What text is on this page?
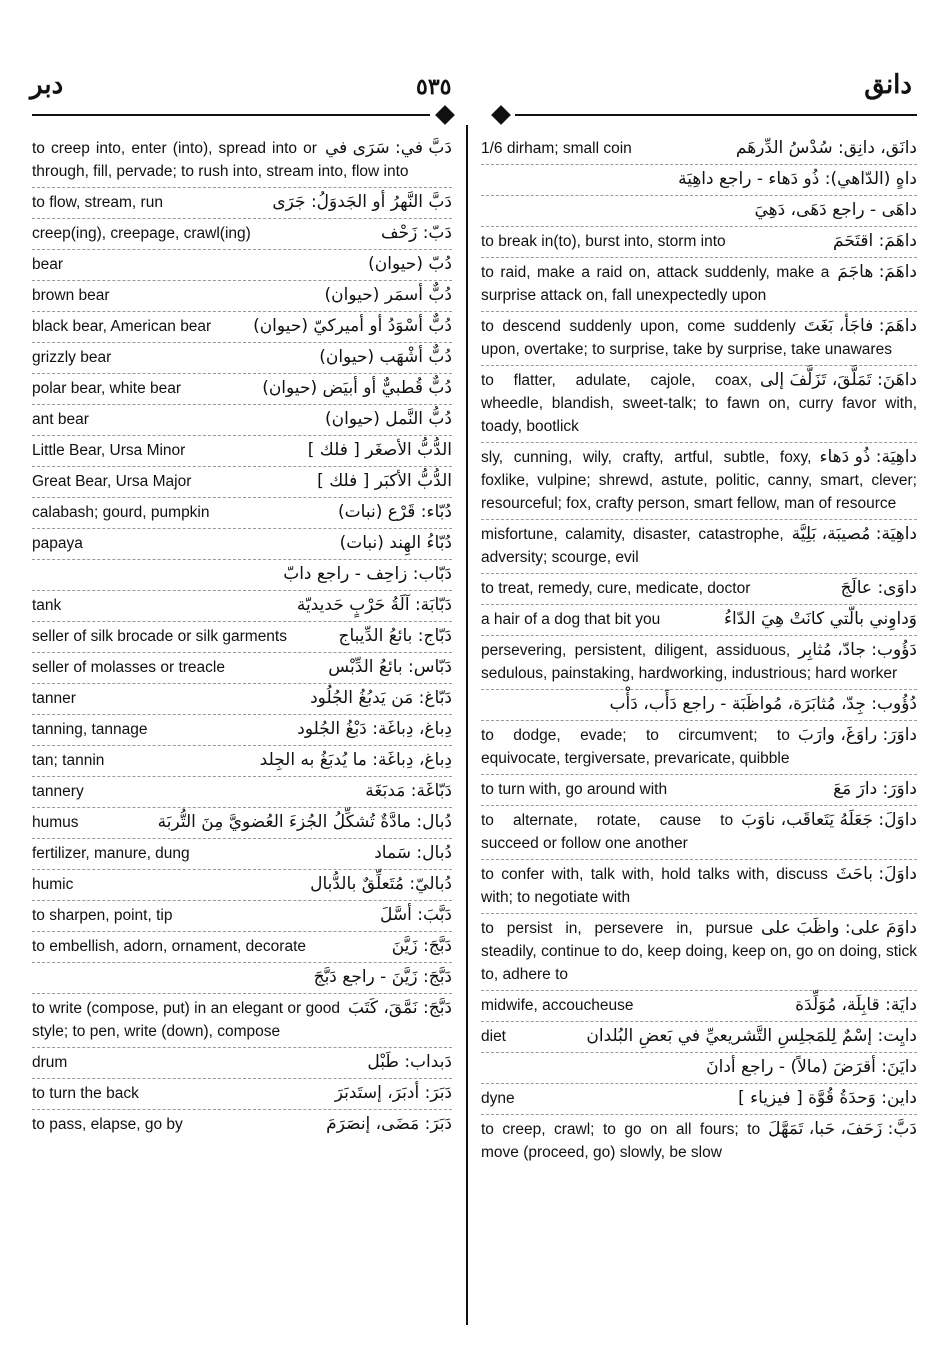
دبر	٥٣٥	دانق
دَبَّ في: سَرَى في
to creep into, enter (into), spread into or through, fill, pervade; to rush into, stream into, flow into
دَبَّ النَّهرُ أو الجَدوَلُ: جَرَى
to flow, stream, run
دَبّ: زَحْف
creep(ing), creepage, crawl(ing)
دُبّ (حيوان)
bear
دُبٌّ أسمَر (حيوان)
brown bear
دُبٌّ أسْوَدُ أو أميركيّ (حيوان)
black bear, American bear
دُبٌّ أشْهَب (حيوان)
grizzly bear
دُبٌّ قُطبيٌّ أو أبيَض (حيوان)
polar bear, white bear
دُبُّ النَّمل (حيوان)
ant bear
الدُّبُّ الأصغَر [ فلك ]
Little Bear, Ursa Minor
الدُّبُّ الأكبَر [ فلك ]
Great Bear, Ursa Major
دُبّاء: قَرْع (نبات)
calabash; gourd, pumpkin
دُبّاءُ الهِند (نبات)
papaya
دَبّاب: زاحِف - راجع دابّ
دَبّابَة: آلَةُ حَرْبٍ حَديديّة
tank
دَبّاج: بائعُ الدِّيباج
seller of silk brocade or silk garments
دَبّاس: بائعُ الدِّبْس
seller of molasses or treacle
دَبّاغ: مَن يَدبُغُ الجُلُود
tanner
دِباغ، دِباغَة: دَبْغُ الجُلود
tanning, tannage
دِباغ، دِباغَة: ما يُدبَغُ به الجِلد
tan; tannin
دَبّاغَة: مَدبَغَة
tannery
دُبال: مادَّةٌ تُشكِّلُ الجُزءَ العُضويَّ مِنَ التُّربَة
humus
دُبال: سَماد
fertilizer, manure, dung
دُباليّ: مُتَعلِّقٌ بالدُّبال
humic
دَبَّبَ: أسَّلَ
to sharpen, point, tip
دَبَّجَ: زَيَّنَ
to embellish, adorn, ornament, decorate
دَبَّجَ: زَيَّنَ - راجع دَبَّجَ
دَبَّجَ: نَمَّقَ، كَتَبَ
to write (compose, put) in an elegant or good style; to pen, write (down), compose
دَبداب: طَبْل
drum
دَبَرَ: أدبَرَ، إستَدبَرَ
to turn the back
دَبَرَ: مَضَى، إنصَرَمَ
to pass, elapse, go by
دانَق، دانِق: سُدْسُ الدِّرهَم
1/6 dirham; small coin
داهٍ (الدّاهي): ذُو دَهاء - راجع داهِيَة
داهَى - راجع دَهَى، دَهِيَ
داهَمَ: اقتَحَمَ
to break in(to), burst into, storm into
داهَمَ: هاجَمَ
to raid, make a raid on, attack suddenly, make a surprise attack on, fall unexpectedly upon
داهَمَ: فاجَأ، بَغَتَ
to descend suddenly upon, come suddenly upon, overtake; to surprise, take by surprise, take unawares
داهَنَ: تَمَلَّقَ، تَزَلَّفَ إلى
to flatter, adulate, cajole, coax, wheedle, blandish, sweet-talk; to fawn on, curry favor with, toady, bootlick
داهِيَة: ذُو دَهاء
sly, cunning, wily, crafty, artful, subtle, foxy, foxlike, vulpine; shrewd, astute, politic, canny, smart, clever; resourceful; fox, crafty person, smart fellow, man of resource
داهِيَة: مُصيبَة، بَلِيَّة
misfortune, calamity, disaster, catastrophe, adversity; scourge, evil
داوَى: عالَجَ
to treat, remedy, cure, medicate, doctor
وَداوِني بالّتي كانَتْ هِيَ الدّاءُ
a hair of a dog that bit you
دَؤُوب: جادّ، مُثابِر
persevering, persistent, diligent, assiduous, sedulous, painstaking, hardworking, industrious; hard worker
دُؤُوب: جِدّ، مُثابَرَة، مُواظَبَة - راجع دَأَب، دَأْب
داوَرَ: راوَغَ، وارَبَ
to dodge, evade; to circumvent; to equivocate, tergiversate, prevaricate, quibble
داوَرَ: دارَ مَعَ
to turn with, go around with
داوَلَ: جَعَلَهُ يَتَعاقَب، ناوَبَ
to alternate, rotate, cause to succeed or follow one another
داوَلَ: باحَثَ
to confer with, talk with, hold talks with, discuss with; to negotiate with
داوَمَ على: واظَبَ على
to persist in, persevere in, pursue steadily, continue to do, keep doing, keep on, go on doing, stick to, adhere to
دايَة: قابِلَة، مُوَلِّدَة
midwife, accoucheuse
دايِت: إسْمٌ لِلمَجلِسِ التَّشريعيِّ في بَعضِ البُلدان
diet
دايَنَ: أقرَضَ (مالاً) - راجع أدانَ
داين: وَحدَةُ قُوَّة [ فيزياء ]
dyne
دَبَّ: زَحَفَ، حَبا، تَمَهَّلَ
to creep, crawl; to go on all fours; to move (proceed, go) slowly, be slow
